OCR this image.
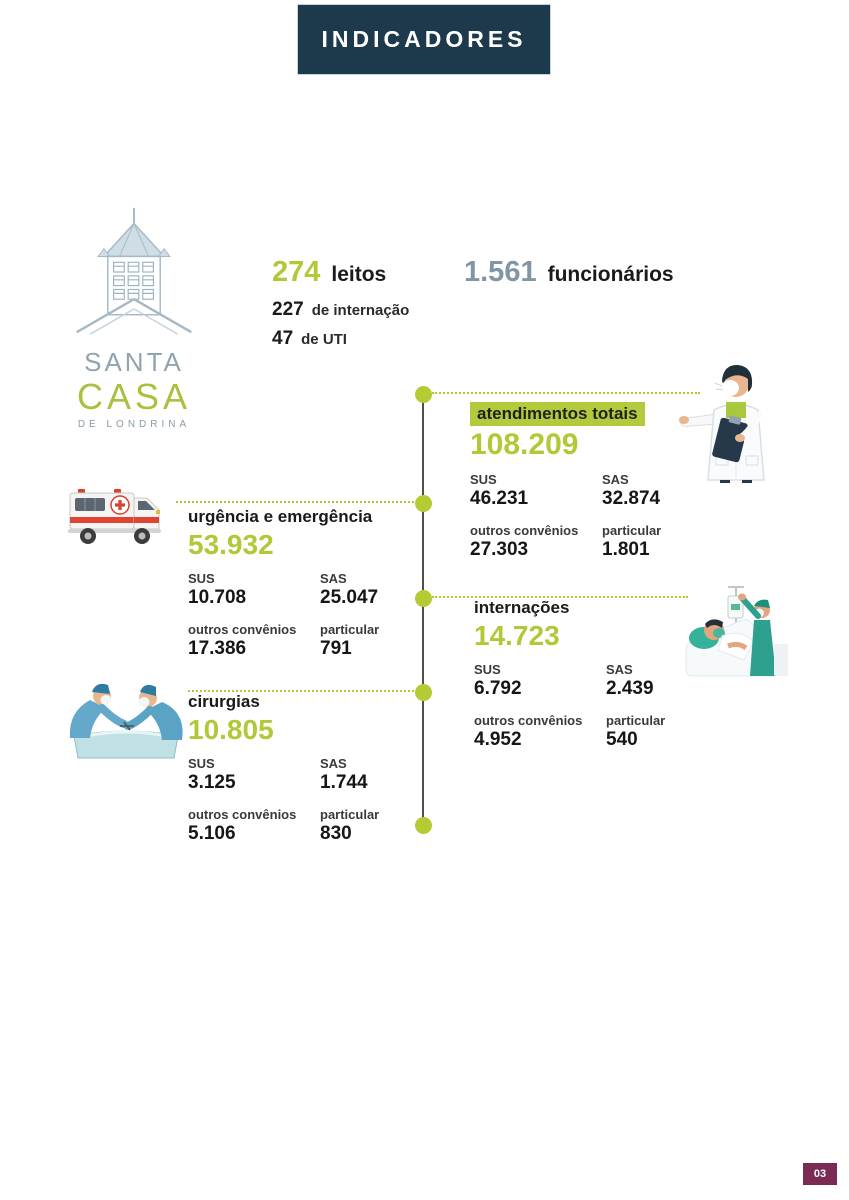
INDICADORES
SANTA
CASA
DE LONDRINA
274 leitos
227 de internação
47 de UTI
1.561 funcionários
atendimentos totais
108.209
SUS
46.231
SAS
32.874
outros convênios
27.303
particular
1.801
urgência e emergência
53.932
SUS
10.708
SAS
25.047
outros convênios
17.386
particular
791
internações
14.723
SUS
6.792
SAS
2.439
outros convênios
4.952
particular
540
cirurgias
10.805
SUS
3.125
SAS
1.744
outros convênios
5.106
particular
830
03
